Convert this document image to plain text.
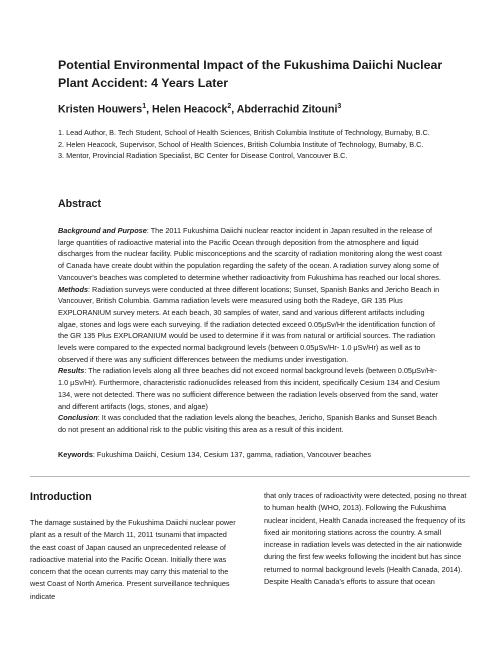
Potential Environmental Impact of the Fukushima Daiichi Nuclear Plant Accident: 4 Years Later

Kristen Houwers$^1$, Helen Heacock$^2$, Abderrachid Zitouni$^3$

1. Lead Author, B. Tech Student, School of Health Sciences, British Columbia Institute of Technology, Burnaby, B.C.

2. Helen Heacock, Supervisor, School of Health Sciences, British Columbia Institute of Technology, Burnaby, B.C.

3. Mentor, Provincial Radiation Specialist, BC Center for Disease Control, Vancouver B.C.

Abstract

Background and Purpose: The 2011 Fukushima Daiichi nuclear reactor incident in Japan resulted in the release of large quantities of radioactive material into the Pacific Ocean through deposition from the atmosphere and liquid discharges from the nuclear facility. Public misconceptions and the scarcity of radiation monitoring along the west coast of Canada have create doubt within the population regarding the safety of the ocean. A radiation survey along some of Vancouver's beaches was completed to determine whether radioactivity from Fukushima has reached our local shores.

Methods: Radiation surveys were conducted at three different locations; Sunset, Spanish Banks and Jericho Beach in Vancouver, British Columbia. Gamma radiation levels were measured using both the Radeye, GR 135 Plus EXPLORANIUM survey meters. At each beach, 30 samples of water, sand and various different artifacts including algae, stones and logs were each surveying. If the radiation detected exceed 0.05μSv/Hr the identification function of the GR 135 Plus EXPLORANIUM would be used to determine if it was from natural or artificial sources. The radiation levels were compared to the expected normal background levels (between 0.05μSv/Hr- 1.0 μSv/Hr) as well as to observed if there was any sufficient differences between the mediums under investigation.

Results: The radiation levels along all three beaches did not exceed normal background levels (between 0.05μSv/Hr- 1.0 μSv/Hr). Furthermore, characteristic radionuclides released from this incident, specifically Cesium 134 and Cesium 134, were not detected. There was no sufficient difference between the radiation levels observed from the sand, water and different artifacts (logs, stones, and algae)

Conclusion: It was concluded that the radiation levels along the beaches, Jericho, Spanish Banks and Sunset Beach do not present an additional risk to the public visiting this area as a result of this incident.

Keywords: Fukushima Daiichi, Cesium 134, Cesium 137, gamma, radiation, Vancouver beaches

Introduction

The damage sustained by the Fukushima Daiichi nuclear power plant as a result of the March 11, 2011 tsunami that impacted the east coast of Japan caused an unprecedented release of radioactive material into the Pacific Ocean. Initially there was concern that the ocean currents may carry this material to the west Coast of North America. Present surveillance techniques indicate

that only traces of radioactivity were detected, posing no threat to human health (WHO, 2013). Following the Fukushima nuclear incident, Health Canada increased the frequency of its fixed air monitoring stations across the country. A small increase in radiation levels was detected in the air nationwide during the first few weeks following the incident but has since returned to normal background levels (Health Canada, 2014). Despite Health Canada's efforts to assure that ocean
